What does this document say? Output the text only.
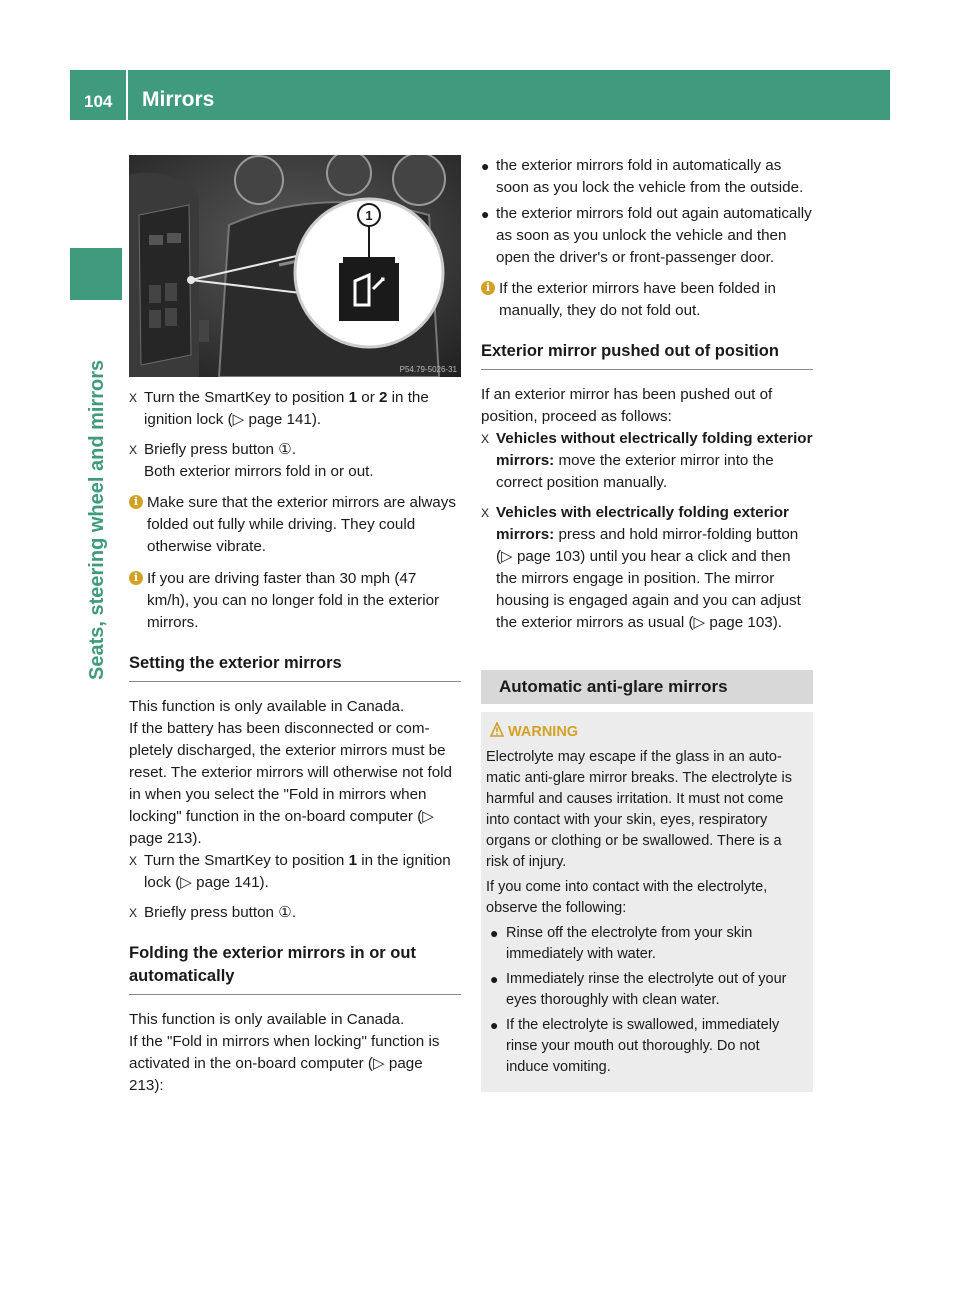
104 Mirrors
Seats, steering wheel and mirrors
1
P54.79-5026-31
X Turn the SmartKey to position 1 or 2 in the ignition lock (▷ page 141).
X Briefly press button ①.

Both exterior mirrors fold in or out.

i Make sure that the exterior mirrors are always folded out fully while driving. They could otherwise vibrate.
i If you are driving faster than 30 mph (47 km/h), you can no longer fold in the exterior mirrors.
Setting the exterior mirrors

This function is only available in Canada.

If the battery has been disconnected or completely discharged, the exterior mirrors must be reset. The exterior mirrors will otherwise not fold in when you select the "Fold in mirrors when locking" function in the on-board computer (▷ page 213).

X Turn the SmartKey to position 1 in the ignition lock (▷ page 141).
X Briefly press button ①.
Folding the exterior mirrors in or out automatically

This function is only available in Canada.

If the "Fold in mirrors when locking" function is activated in the on-board computer (▷ page 213):

● the exterior mirrors fold in automatically as soon as you lock the vehicle from the outside.
● the exterior mirrors fold out again automatically as soon as you unlock the vehicle and then open the driver's or front-passenger door.
i If the exterior mirrors have been folded in manually, they do not fold out.
Exterior mirror pushed out of position

If an exterior mirror has been pushed out of position, proceed as follows:

X Vehicles without electrically folding exterior mirrors: move the exterior mirror into the correct position manually.
X Vehicles with electrically folding exterior mirrors: press and hold mirror-folding button (▷ page 103) until you hear a click and then the mirrors engage in position. The mirror housing is engaged again and you can adjust the exterior mirrors as usual (▷ page 103).
Automatic anti-glare mirrors
WARNING

Electrolyte may escape if the glass in an automatic anti-glare mirror breaks. The electrolyte is harmful and causes irritation. It must not come into contact with your skin, eyes, respiratory organs or clothing or be swallowed. There is a risk of injury.

If you come into contact with the electrolyte, observe the following:

● Rinse off the electrolyte from your skin immediately with water.
● Immediately rinse the electrolyte out of your eyes thoroughly with clean water.
● If the electrolyte is swallowed, immediately rinse your mouth out thoroughly. Do not induce vomiting.
